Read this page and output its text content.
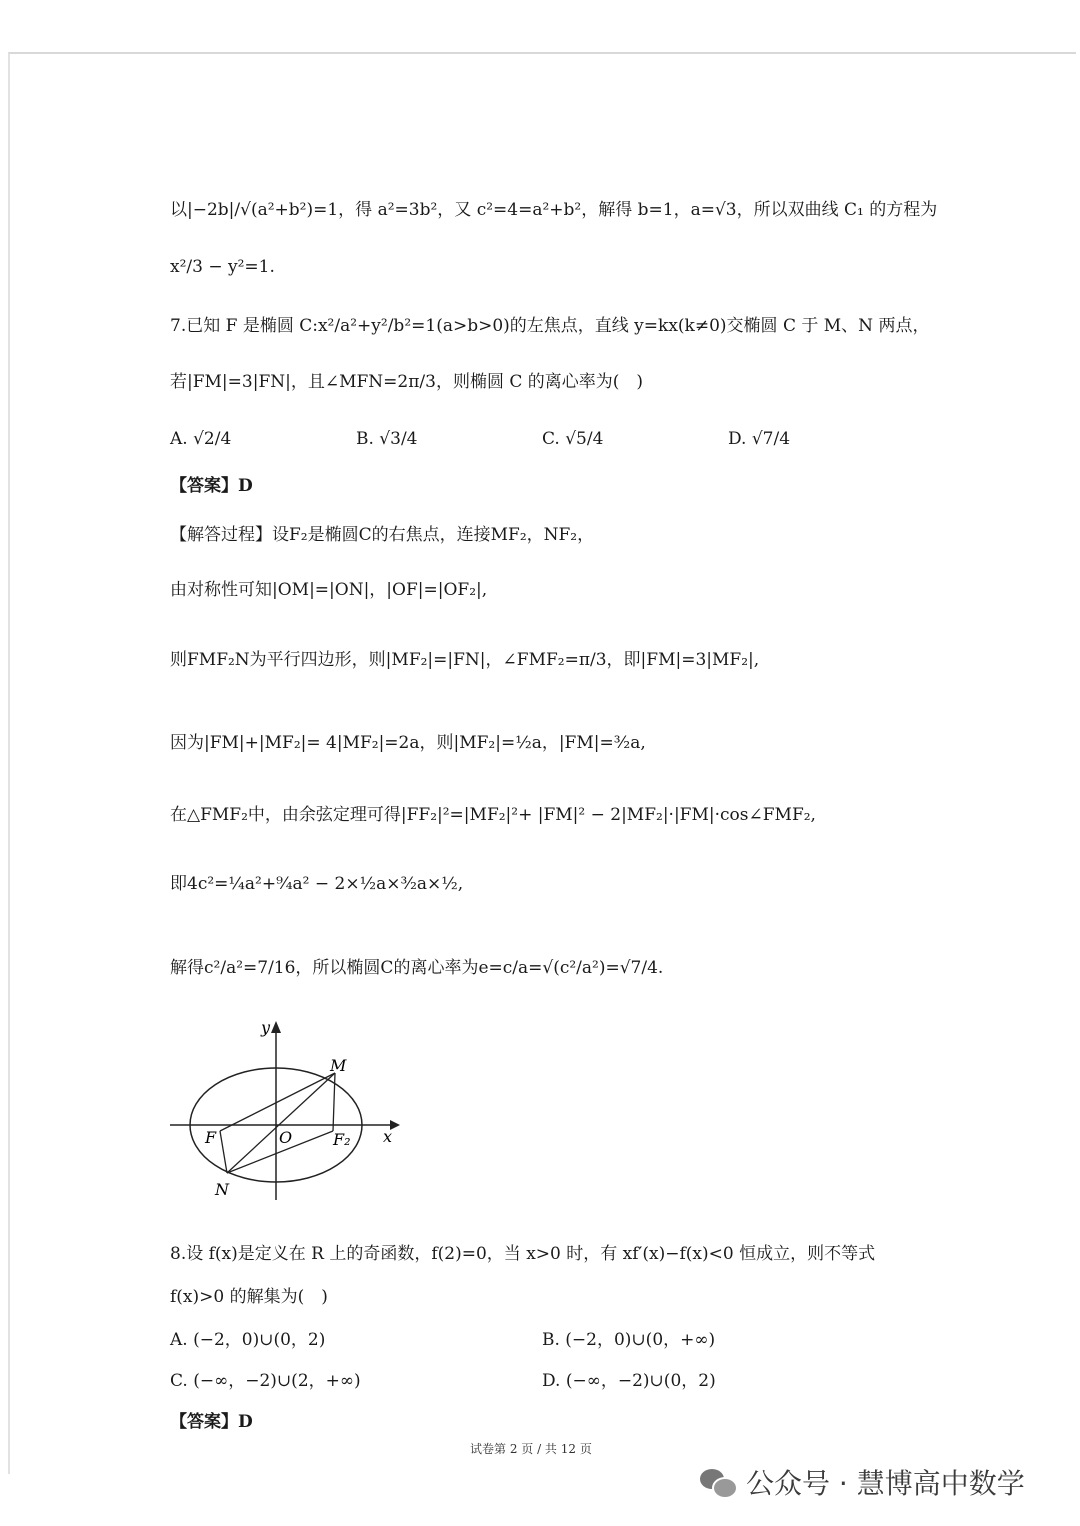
以|−2b|/√(a²+b²)=1，得 a²=3b²，又 c²=4=a²+b²，解得 b=1，a=√3，所以双曲线 C₁ 的方程为
x²/3 − y²=1.
7.已知 F 是椭圆 C:x²/a²+y²/b²=1(a>b>0)的左焦点，直线 y=kx(k≠0)交椭圆 C 于 M、N 两点，
若|FM|=3|FN|，且∠MFN=2π/3，则椭圆 C 的离心率为(　)
A. √2/4	B. √3/4	C. √5/4	D. √7/4
【答案】D
【解答过程】设F₂是椭圆C的右焦点，连接MF₂，NF₂，
由对称性可知|OM|=|ON|，|OF|=|OF₂|,
则FMF₂N为平行四边形，则|MF₂|=|FN|，∠FMF₂=π/3，即|FM|=3|MF₂|,
因为|FM|+|MF₂|= 4|MF₂|=2a，则|MF₂|=½a，|FM|=³⁄₂a,
在△FMF₂中，由余弦定理可得|FF₂|²=|MF₂|²+ |FM|² − 2|MF₂|·|FM|·cos∠FMF₂,
即4c²=¼a²+⁹⁄₄a² − 2×½a×³⁄₂a×½,
解得c²/a²=7/16，所以椭圆C的离心率为e=c/a=√(c²/a²)=√7/4.
y
x
O
M
N
F	F₂
8.设 f(x)是定义在 R 上的奇函数，f(2)=0，当 x>0 时，有 xf′(x)−f(x)<0 恒成立，则不等式
f(x)>0 的解集为(　)
A. (−2，0)∪(0，2)	B. (−2，0)∪(0，+∞)
C. (−∞，−2)∪(2，+∞)	D. (−∞，−2)∪(0，2)
【答案】D
试卷第 2 页 / 共 12 页
公众号 · 慧博高中数学
